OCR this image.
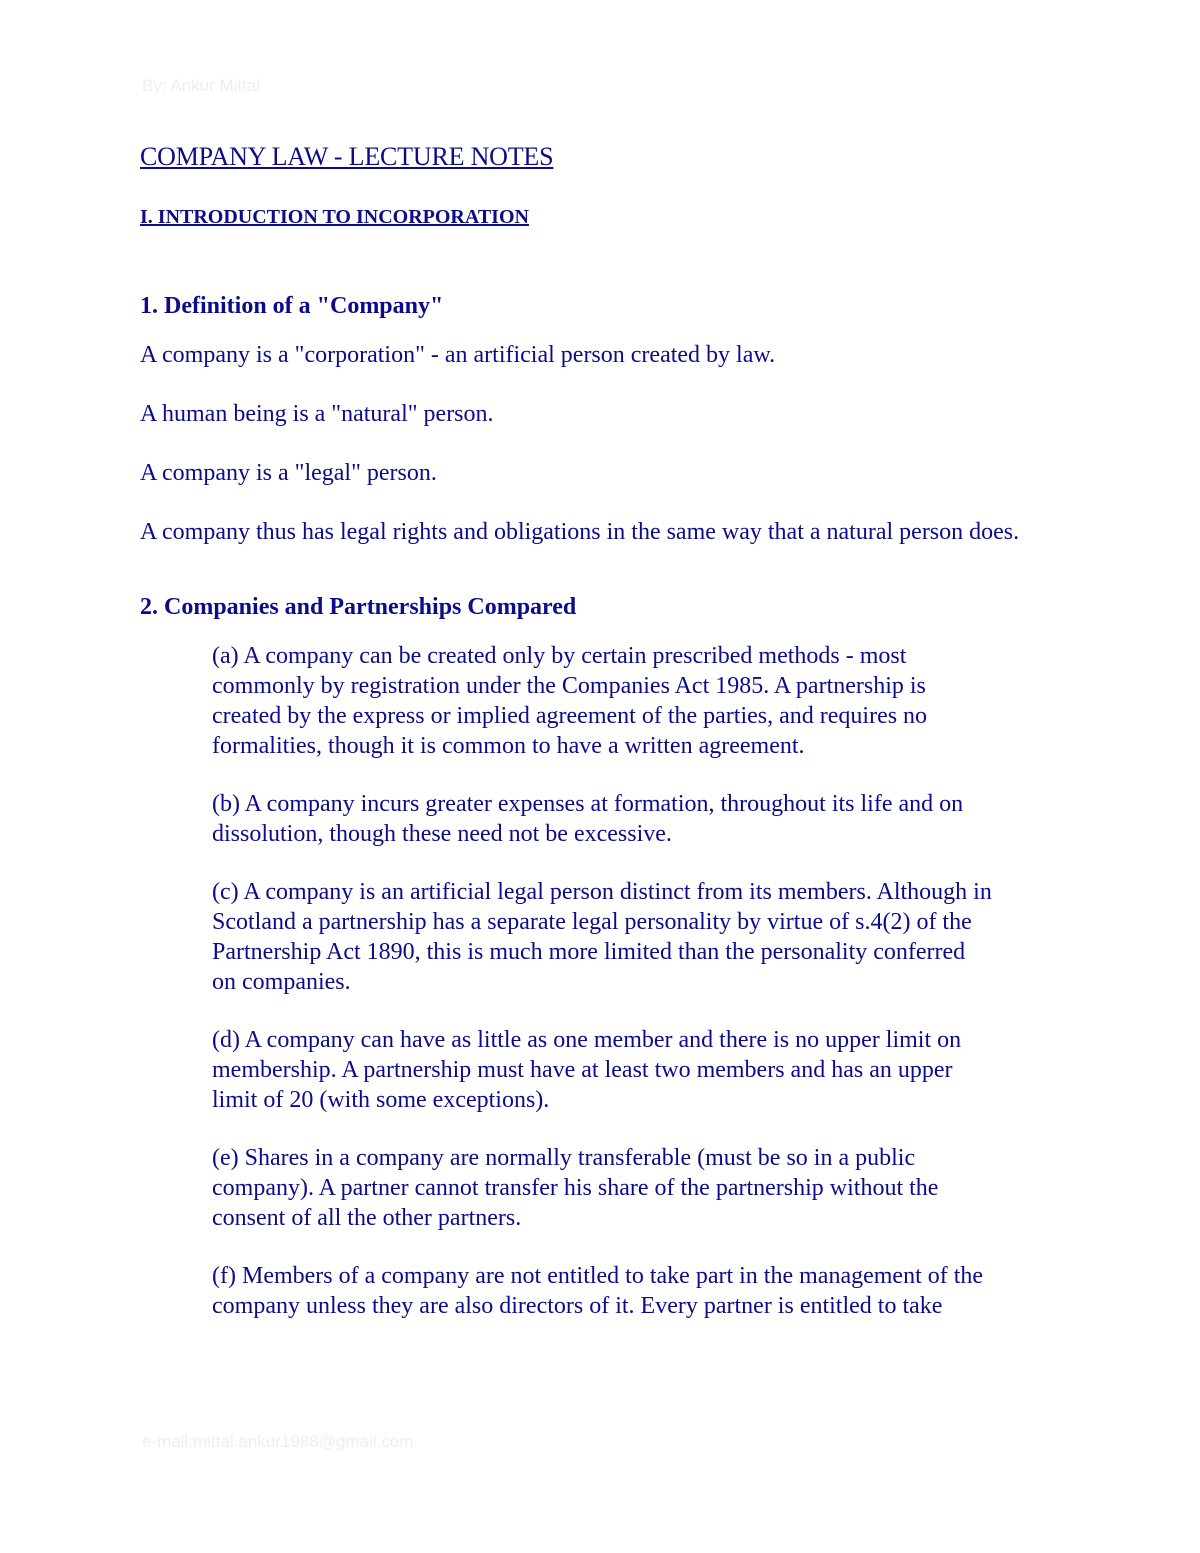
By: Ankur Mittal
COMPANY LAW - LECTURE NOTES
I. INTRODUCTION TO INCORPORATION
1. Definition of a "Company"

A company is a "corporation" - an artificial person created by law.

A human being is a "natural" person.

A company is a "legal" person.

A company thus has legal rights and obligations in the same way that a natural person does.

2. Companies and Partnerships Compared

(a) A company can be created only by certain prescribed methods - most commonly by registration under the Companies Act 1985. A partnership is created by the express or implied agreement of the parties, and requires no formalities, though it is common to have a written agreement.

(b) A company incurs greater expenses at formation, throughout its life and on dissolution, though these need not be excessive.

(c) A company is an artificial legal person distinct from its members. Although in Scotland a partnership has a separate legal personality by virtue of s.4(2) of the Partnership Act 1890, this is much more limited than the personality conferred on companies.

(d) A company can have as little as one member and there is no upper limit on membership. A partnership must have at least two members and has an upper limit of 20 (with some exceptions).

(e) Shares in a company are normally transferable (must be so in a public company). A partner cannot transfer his share of the partnership without the consent of all the other partners.

(f) Members of a company are not entitled to take part in the management of the company unless they are also directors of it. Every partner is entitled to take

e-mail:mittal.ankur1988@gmail.com
